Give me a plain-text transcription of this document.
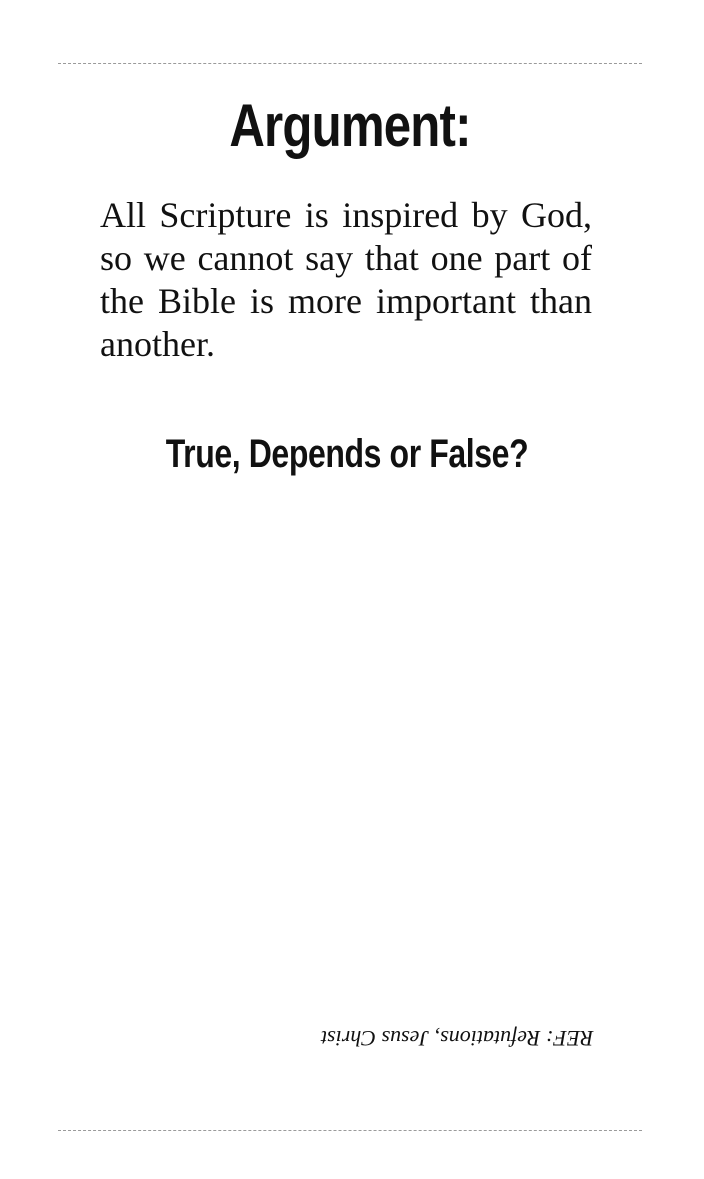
Argument:
All Scripture is inspired by God, so we cannot say that one part of the Bible is more important than another.
True, Depends or False?
REF: Refutations, Jesus Christ
